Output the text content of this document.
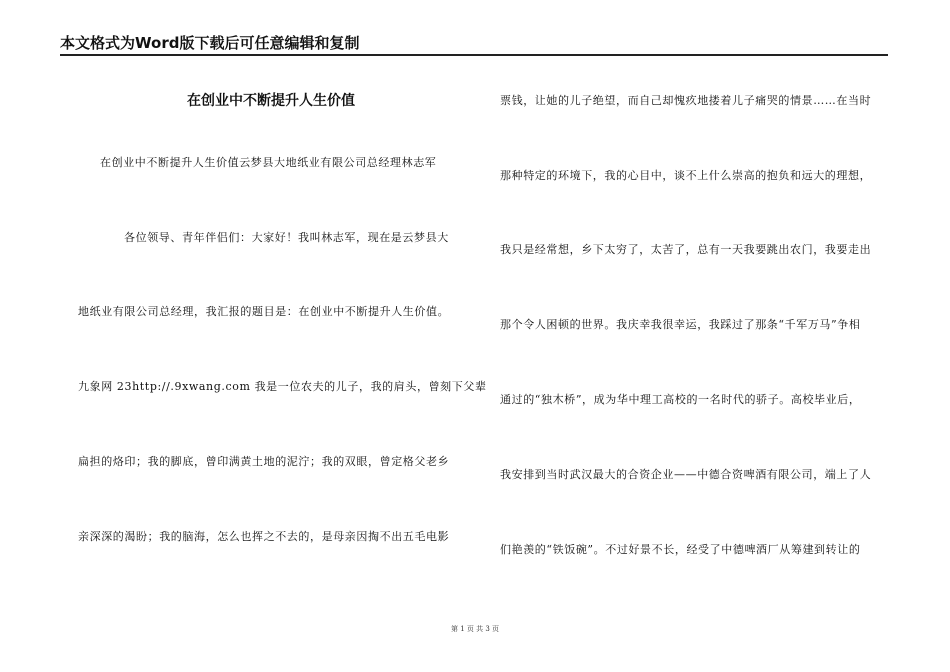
本文格式为Word版下载后可任意编辑和复制
在创业中不断提升人生价值
在创业中不断提升人生价值云梦县大地纸业有限公司总经理林志军
各位领导、青年伴侣们：大家好！我叫林志军，现在是云梦县大
地纸业有限公司总经理，我汇报的题目是：在创业中不断提升人生价值。
九象网 23http://.9xwang.com 我是一位农夫的儿子，我的肩头，曾刻下父辈
扁担的烙印；我的脚底，曾印满黄土地的泥泞；我的双眼，曾定格父老乡
亲深深的渴盼；我的脑海，怎么也挥之不去的，是母亲因掏不出五毛电影
票钱，让她的儿子绝望，而自己却愧疚地搂着儿子痛哭的情景……在当时
那种特定的环境下，我的心目中，谈不上什么崇高的抱负和远大的理想，
我只是经常想，乡下太穷了，太苦了，总有一天我要跳出农门，我要走出
那个令人困顿的世界。我庆幸我很幸运，我踩过了那条“千军万马”争相
通过的“独木桥”，成为华中理工高校的一名时代的骄子。高校毕业后，
我安排到当时武汉最大的合资企业——中德合资啤酒有限公司，端上了人
们艳羡的“铁饭碗”。不过好景不长，经受了中德啤酒厂从筹建到转让的
第 1 页 共 3 页
